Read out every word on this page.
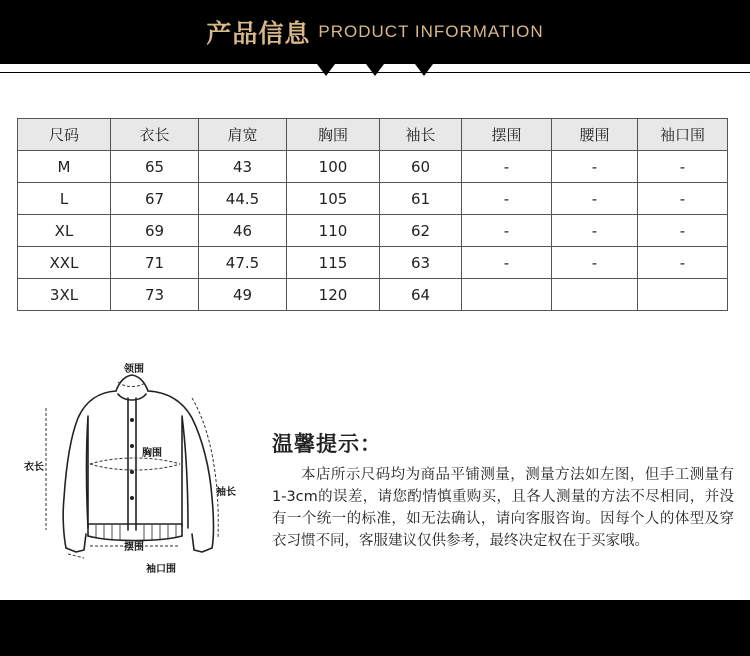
产品信息 PRODUCT INFORMATION
尺码	衣长	肩宽	胸围	袖长	摆围	腰围	袖口围
M	65	43	100	60	-	-	-
L	67	44.5	105	61	-	-	-
XL	69	46	110	62	-	-	-
XXL	71	47.5	115	63	-	-	-
3XL	73	49	120	64			
领围
衣长
胸围
袖长
摆围
袖口围

温馨提示：

本店所示尺码均为商品平铺测量，测量方法如左图，但手工测量有1-3cm的误差，请您酌情慎重购买，且各人测量的方法不尽相同，并没有一个统一的标准，如无法确认，请向客服咨询。因每个人的体型及穿衣习惯不同，客服建议仅供参考，最终决定权在于买家哦。
